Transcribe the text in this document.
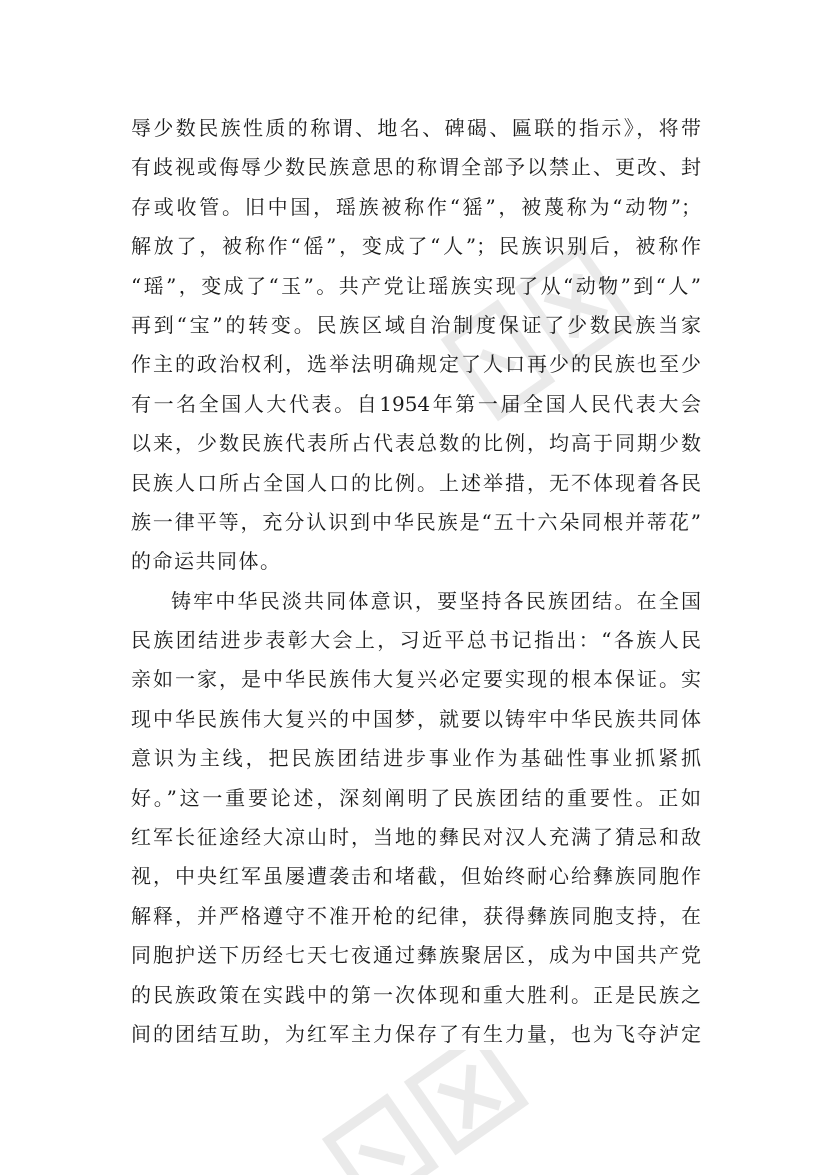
辱少数民族性质的称谓、地名、碑碣、匾联的指示》，将带
有歧视或侮辱少数民族意思的称谓全部予以禁止、更改、封
存或收管。旧中国，瑶族被称作“猺”，被蔑称为“动物”；
解放了，被称作“傜”，变成了“人”；民族识别后，被称作
“瑶”，变成了“玉”。共产党让瑶族实现了从“动物”到“人”
再到“宝”的转变。民族区域自治制度保证了少数民族当家
作主的政治权利，选举法明确规定了人口再少的民族也至少
有一名全国人大代表。自1954年第一届全国人民代表大会
以来，少数民族代表所占代表总数的比例，均高于同期少数
民族人口所占全国人口的比例。上述举措，无不体现着各民
族一律平等，充分认识到中华民族是“五十六朵同根并蒂花”
的命运共同体。
铸牢中华民淡共同体意识，要坚持各民族团结。在全国
民族团结进步表彰大会上，习近平总书记指出：“各族人民
亲如一家，是中华民族伟大复兴必定要实现的根本保证。实
现中华民族伟大复兴的中国梦，就要以铸牢中华民族共同体
意识为主线，把民族团结进步事业作为基础性事业抓紧抓
好。”这一重要论述，深刻阐明了民族团结的重要性。正如
红军长征途经大凉山时，当地的彝民对汉人充满了猜忌和敌
视，中央红军虽屡遭袭击和堵截，但始终耐心给彝族同胞作
解释，并严格遵守不准开枪的纪律，获得彝族同胞支持，在
同胞护送下历经七天七夜通过彝族聚居区，成为中国共产党
的民族政策在实践中的第一次体现和重大胜利。正是民族之
间的团结互助，为红军主力保存了有生力量，也为飞夺泸定
